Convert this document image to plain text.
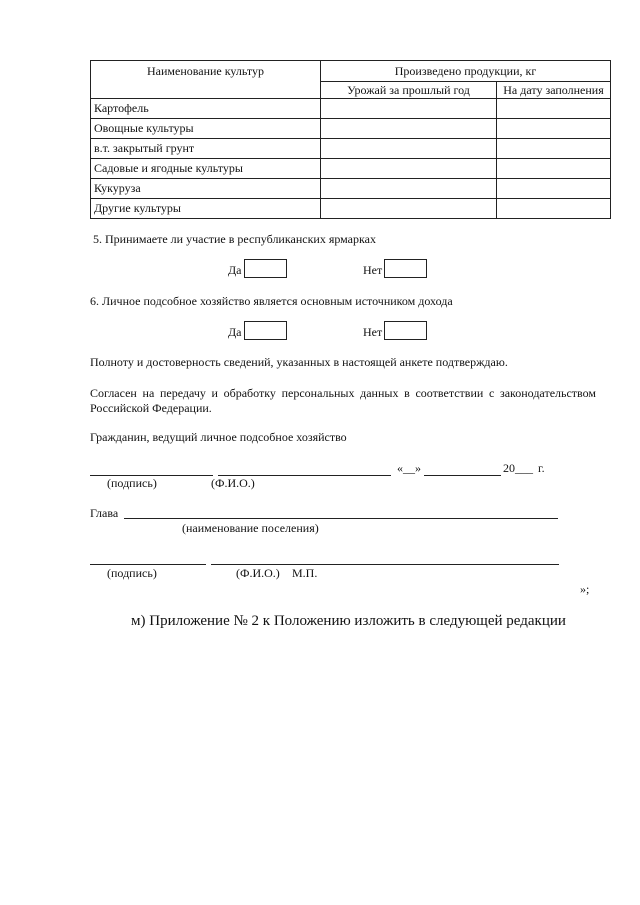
Наименование культур	Произведено продукции, кг	
	Урожай за прошлый год	На дату заполнения
Картофель		
Овощные культуры		
в.т. закрытый грунт		
Садовые и ягодные культуры		
Кукуруза		
Другие культуры		
5. Принимаете ли участие в республиканских ярмарках
Да	Нет
6. Личное подсобное хозяйство является основным источником дохода
Да	Нет
Полноту и достоверность сведений, указанных в настоящей анкете подтверждаю.
Согласен на передачу и обработку персональных данных в соответствии с законодательством Российской Федерации.
Гражданин, ведущий личное подсобное хозяйство
«__»	20___ г.
(подпись)	(Ф.И.О.)
Глава
(наименование поселения)
(подпись)	(Ф.И.О.) М.П.
»;
м) Приложение № 2 к Положению изложить в следующей редакции
